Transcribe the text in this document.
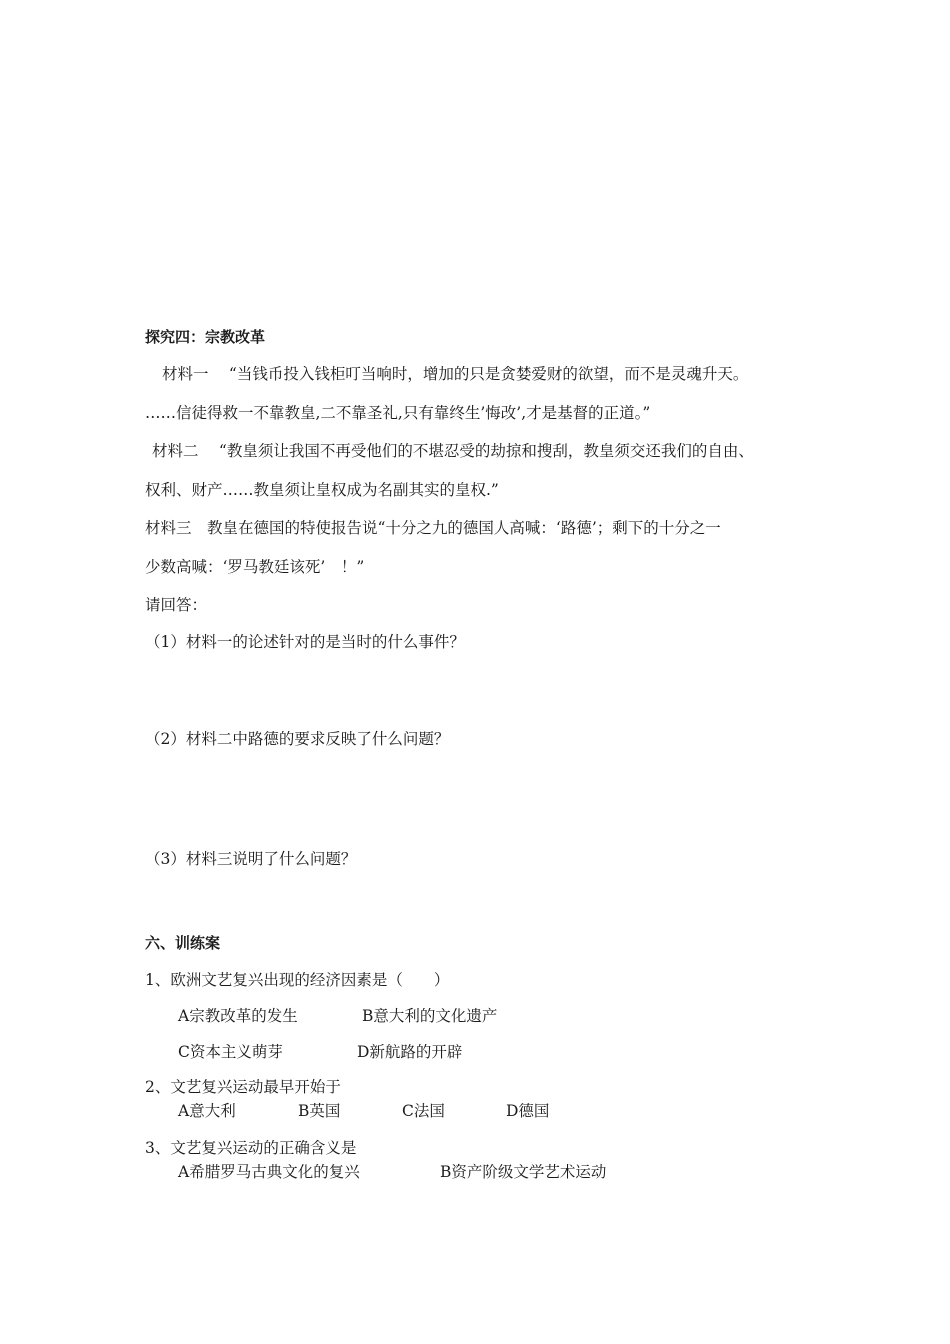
探究四：宗教改革
材料一　 “当钱币投入钱柜叮当响时，增加的只是贪婪爱财的欲望，而不是灵魂升天。
……信徒得救一不靠教皇,二不靠圣礼,只有靠终生’悔改’,才是基督的正道。”
材料二　 “教皇须让我国不再受他们的不堪忍受的劫掠和搜刮，教皇须交还我们的自由、
权利、财产……教皇须让皇权成为名副其实的皇权.”
材料三　教皇在德国的特使报告说“十分之九的德国人高喊：‘路德’；剩下的十分之一
少数高喊：‘罗马教廷该死’　！”
请回答：
（1）材料一的论述针对的是当时的什么事件？
（2）材料二中路德的要求反映了什么问题？
（3）材料三说明了什么问题？
六、训练案
1、欧洲文艺复兴出现的经济因素是（　　）
A宗教改革的发生	B意大利的文化遗产
C资本主义萌芽	D新航路的开辟
2、文艺复兴运动最早开始于
A意大利	B英国	C法国	D德国
3、文艺复兴运动的正确含义是
A希腊罗马古典文化的复兴	B资产阶级文学艺术运动
